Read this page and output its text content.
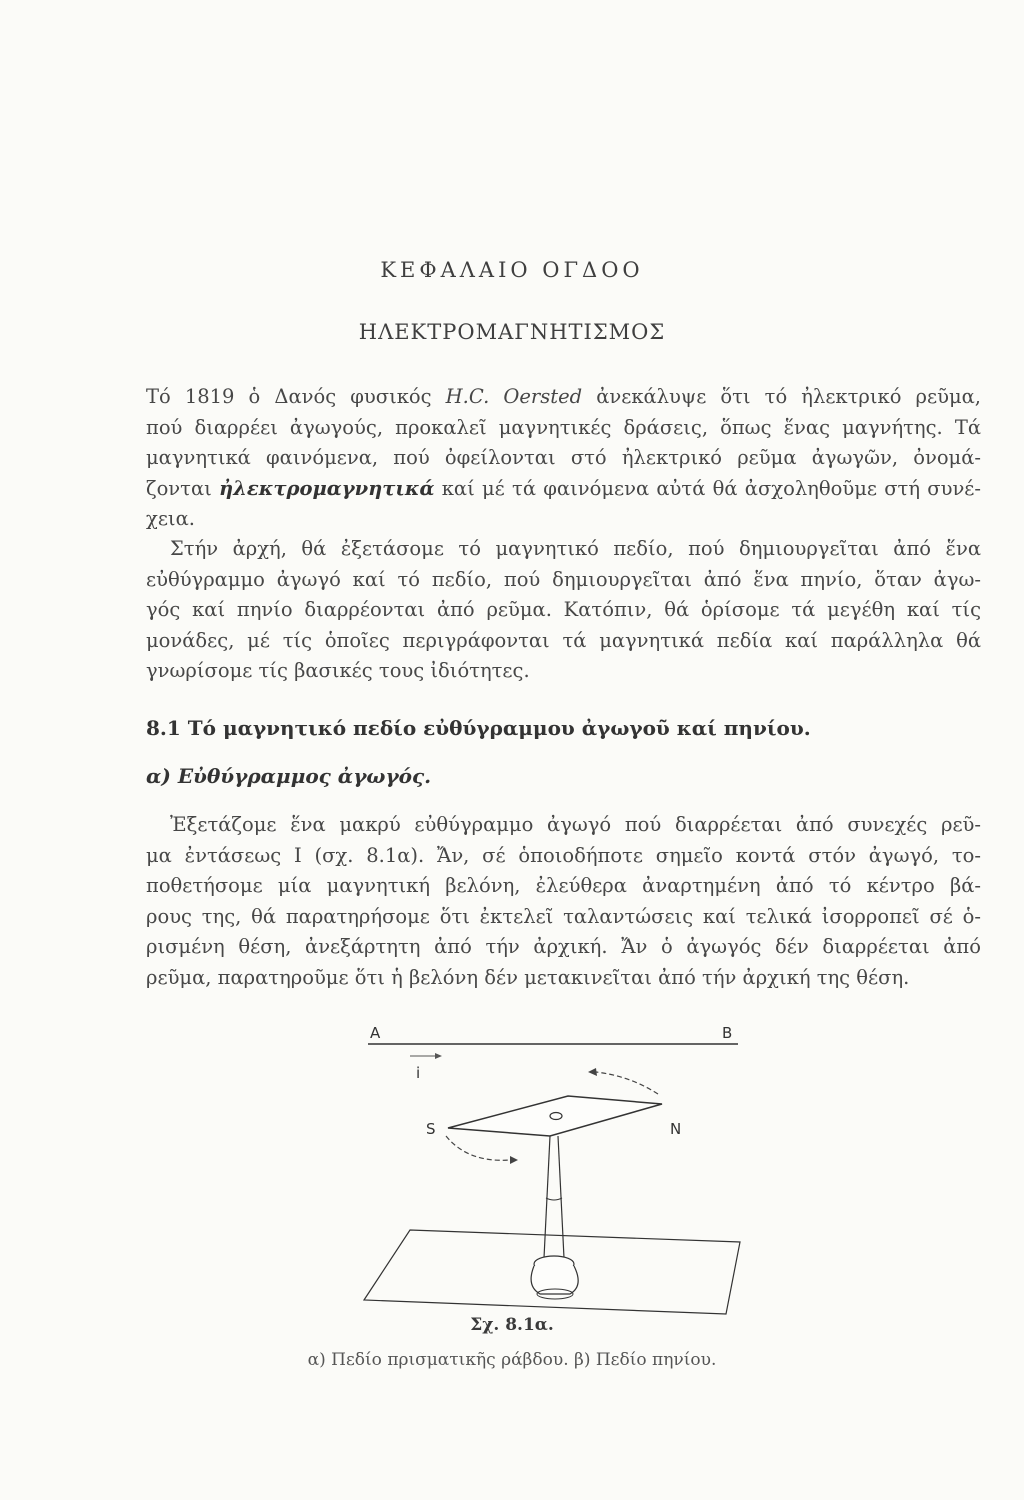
ΚΕΦΑΛΑΙΟ ΟΓΔΟΟ
ΗΛΕΚΤΡΟΜΑΓΝΗΤΙΣΜΟΣ
Τό 1819 ὁ Δανός φυσικός H.C. Oersted ἀνεκάλυψε ὅτι τό ἠλεκτρικό ρεῦμα,
πού διαρρέει ἀγωγούς, προκαλεῖ μαγνητικές δράσεις, ὅπως ἕνας μαγνήτης. Τά
μαγνητικά φαινόμενα, πού ὀφείλονται στό ἠλεκτρικό ρεῦμα ἀγωγῶν, ὀνομά-
ζονται ἠλεκτρομαγνητικά καί μέ τά φαινόμενα αὐτά θά ἀσχοληθοῦμε στή συνέ-
χεια.
Στήν ἀρχή, θά ἐξετάσομε τό μαγνητικό πεδίο, πού δημιουργεῖται ἀπό ἕνα
εὐθύγραμμο ἀγωγό καί τό πεδίο, πού δημιουργεῖται ἀπό ἕνα πηνίο, ὅταν ἀγω-
γός καί πηνίο διαρρέονται ἀπό ρεῦμα. Κατόπιν, θά ὁρίσομε τά μεγέθη καί τίς
μονάδες, μέ τίς ὁποῖες περιγράφονται τά μαγνητικά πεδία καί παράλληλα θά
γνωρίσομε τίς βασικές τους ἰδιότητες.
8.1 Τό μαγνητικό πεδίο εὐθύγραμμου ἀγωγοῦ καί πηνίου.
α) Εὐθύγραμμος ἀγωγός.
Ἐξετάζομε ἕνα μακρύ εὐθύγραμμο ἀγωγό πού διαρρέεται ἀπό συνεχές ρεῦ-
μα ἐντάσεως Ι (σχ. 8.1α). Ἄν, σέ ὁποιοδήποτε σημεῖο κοντά στόν ἀγωγό, το-
ποθετήσομε μία μαγνητική βελόνη, ἐλεύθερα ἀναρτημένη ἀπό τό κέντρο βά-
ρους της, θά παρατηρήσομε ὅτι ἐκτελεῖ ταλαντώσεις καί τελικά ἰσορροπεῖ σέ ὁ-
ρισμένη θέση, ἀνεξάρτητη ἀπό τήν ἀρχική. Ἄν ὁ ἀγωγός δέν διαρρέεται ἀπό
ρεῦμα, παρατηροῦμε ὅτι ἡ βελόνη δέν μετακινεῖται ἀπό τήν ἀρχική της θέση.
A	B
i
S	N
Σχ. 8.1α.
α) Πεδίο πρισματικῆς ράβδου. β) Πεδίο πηνίου.
